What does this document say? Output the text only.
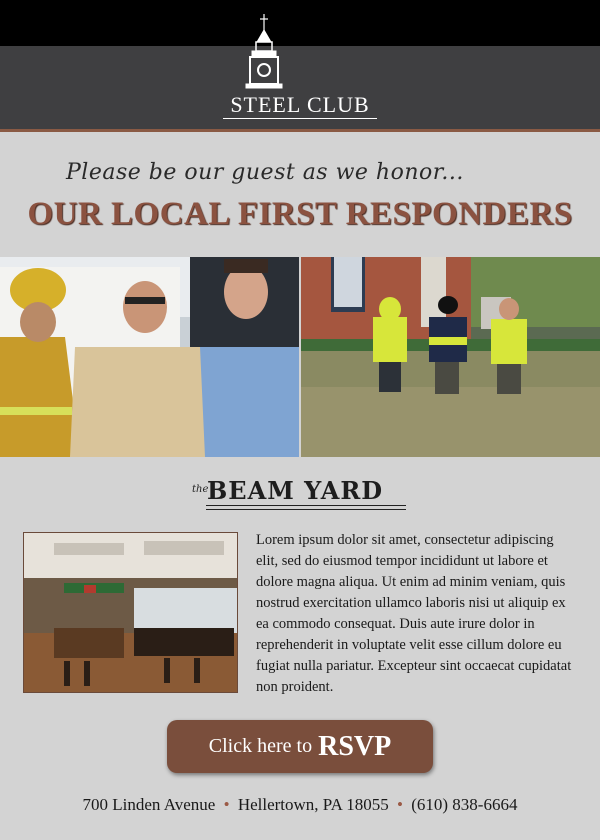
STEEL CLUB
Please be our guest as we honor...
OUR LOCAL FIRST RESPONDERS
the
BEAM YARD
Lorem ipsum dolor sit amet, consectetur adipiscing elit, sed do eiusmod tempor incididunt ut labore et dolore magna aliqua. Ut enim ad minim veniam, quis nostrud exercitation ullamco laboris nisi ut aliquip ex ea commodo consequat. Duis aute irure dolor in reprehenderit in voluptate velit esse cillum dolore eu fugiat nulla pariatur. Excepteur sint occaecat cupidatat non proident.
Click here to RSVP
700 Linden Avenue • Hellertown, PA 18055 • (610) 838-6664
